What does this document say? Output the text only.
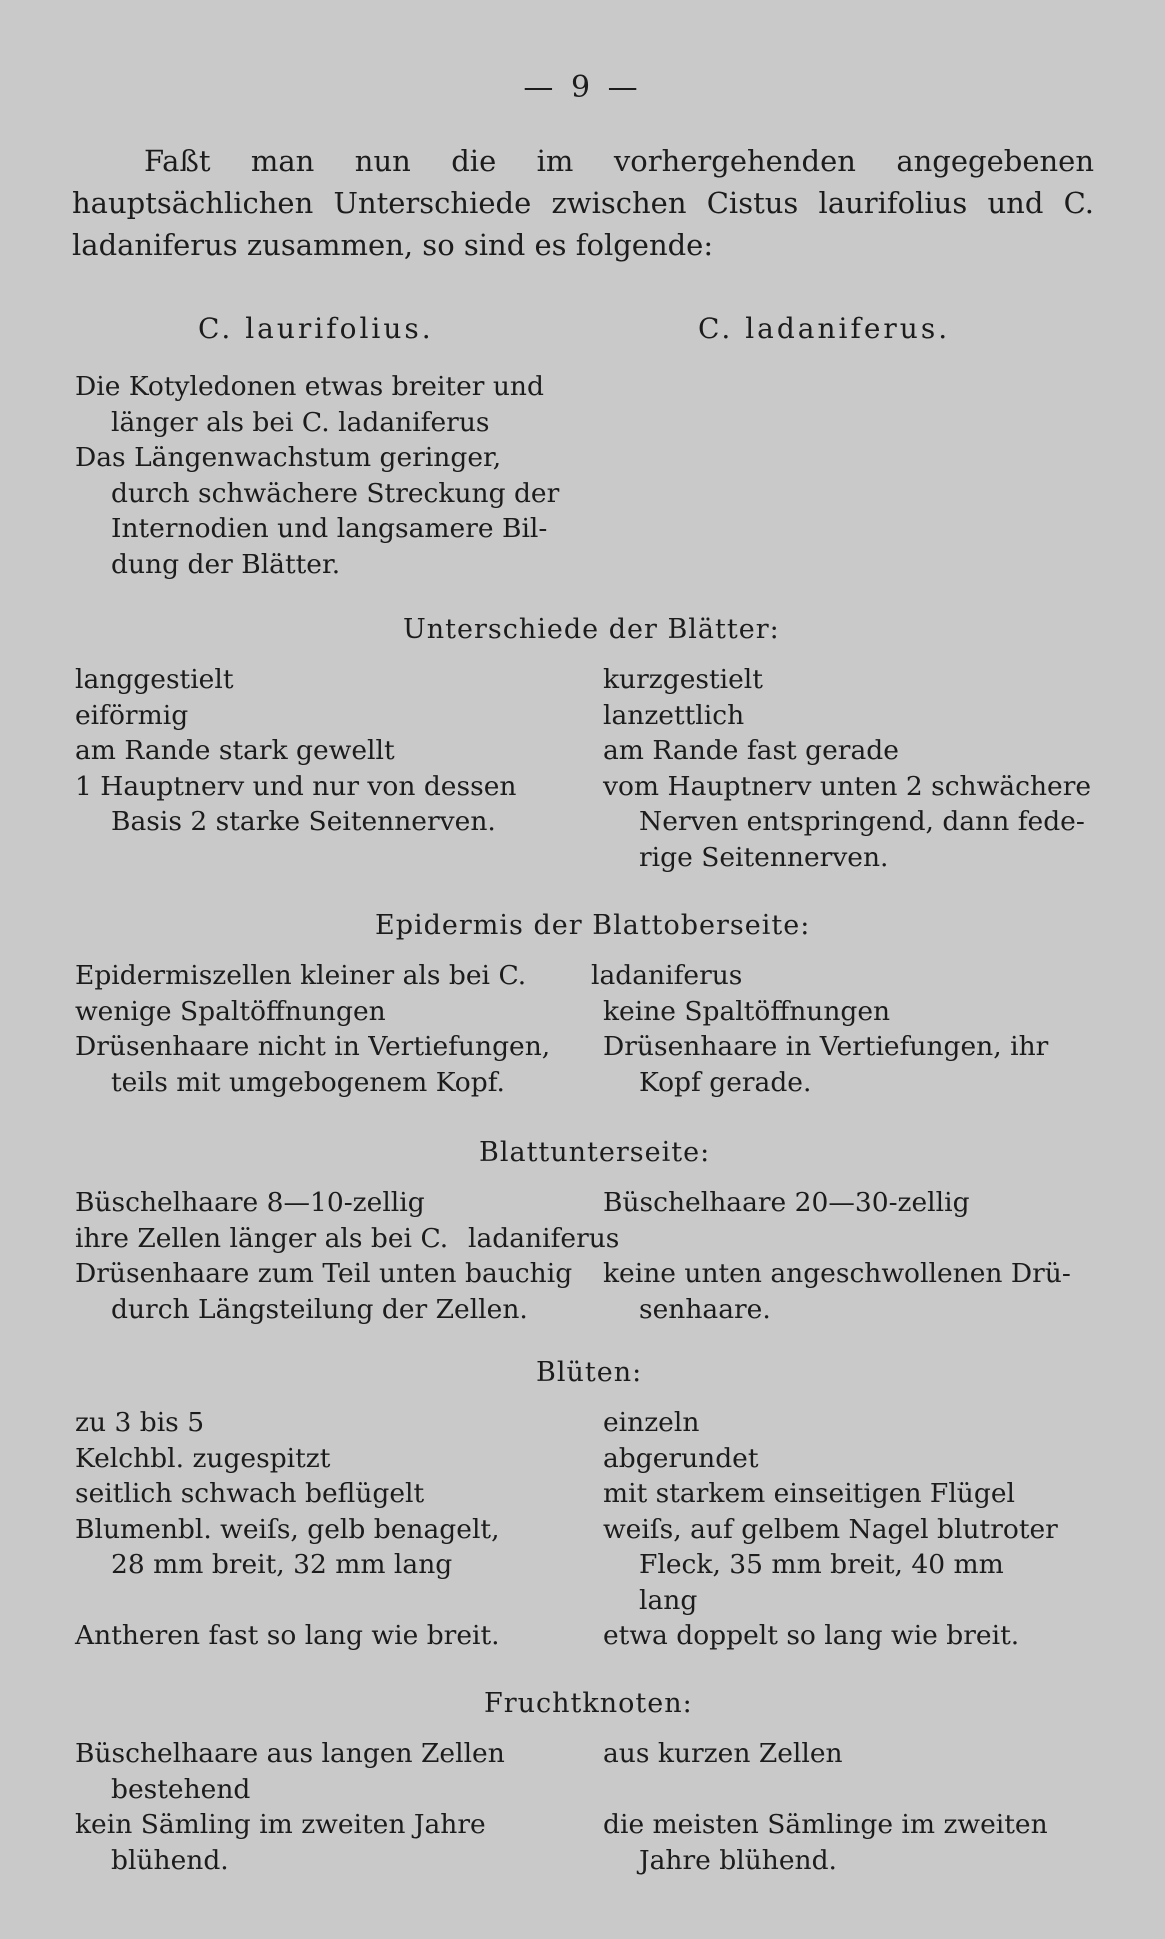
— 9 —

Faßt man nun die im vorhergehenden angegebenen hauptsächlichen Unterschiede zwischen Cistus laurifolius und C. ladaniferus zusammen, so sind es folgende:

C. laurifolius.	C. ladaniferus.
Die Kotyledonen etwas breiter und
länger als bei C. ladaniferus
Das Längenwachstum geringer,
durch schwächere Streckung der
Internodien und langsamere Bil-
dung der Blätter.
Unterschiede der Blätter:
langgestielt
eiförmig
am Rande stark gewellt
1 Hauptnerv und nur von dessen
Basis 2 starke Seitennerven.
kurzgestielt
lanzettlich
am Rande fast gerade
vom Hauptnerv unten 2 schwächere
Nerven entspringend, dann fede-
rige Seitennerven.
Epidermis der Blattoberseite:
Epidermiszellen kleiner als bei C.
wenige Spaltöffnungen
Drüsenhaare nicht in Vertiefungen,
teils mit umgebogenem Kopf.
ladaniferus
keine Spaltöffnungen
Drüsenhaare in Vertiefungen, ihr
Kopf gerade.
Blattunterseite:
Büschelhaare 8—10-zellig
ihre Zellen länger als bei C.
Drüsenhaare zum Teil unten bauchig
durch Längsteilung der Zellen.
Büschelhaare 20—30-zellig
ladaniferus
keine unten angeschwollenen Drü-
senhaare.
Blüten:
zu 3 bis 5
Kelchbl. zugespitzt
seitlich schwach beflügelt
Blumenbl. weiſs, gelb benagelt,
28 mm breit, 32 mm lang

Antheren fast so lang wie breit.
einzeln
abgerundet
mit starkem einseitigen Flügel
weiſs, auf gelbem Nagel blutroter
Fleck, 35 mm breit, 40 mm
lang
etwa doppelt so lang wie breit.
Fruchtknoten:
Büschelhaare aus langen Zellen
bestehend
kein Sämling im zweiten Jahre
blühend.
aus kurzen Zellen

die meisten Sämlinge im zweiten
Jahre blühend.
